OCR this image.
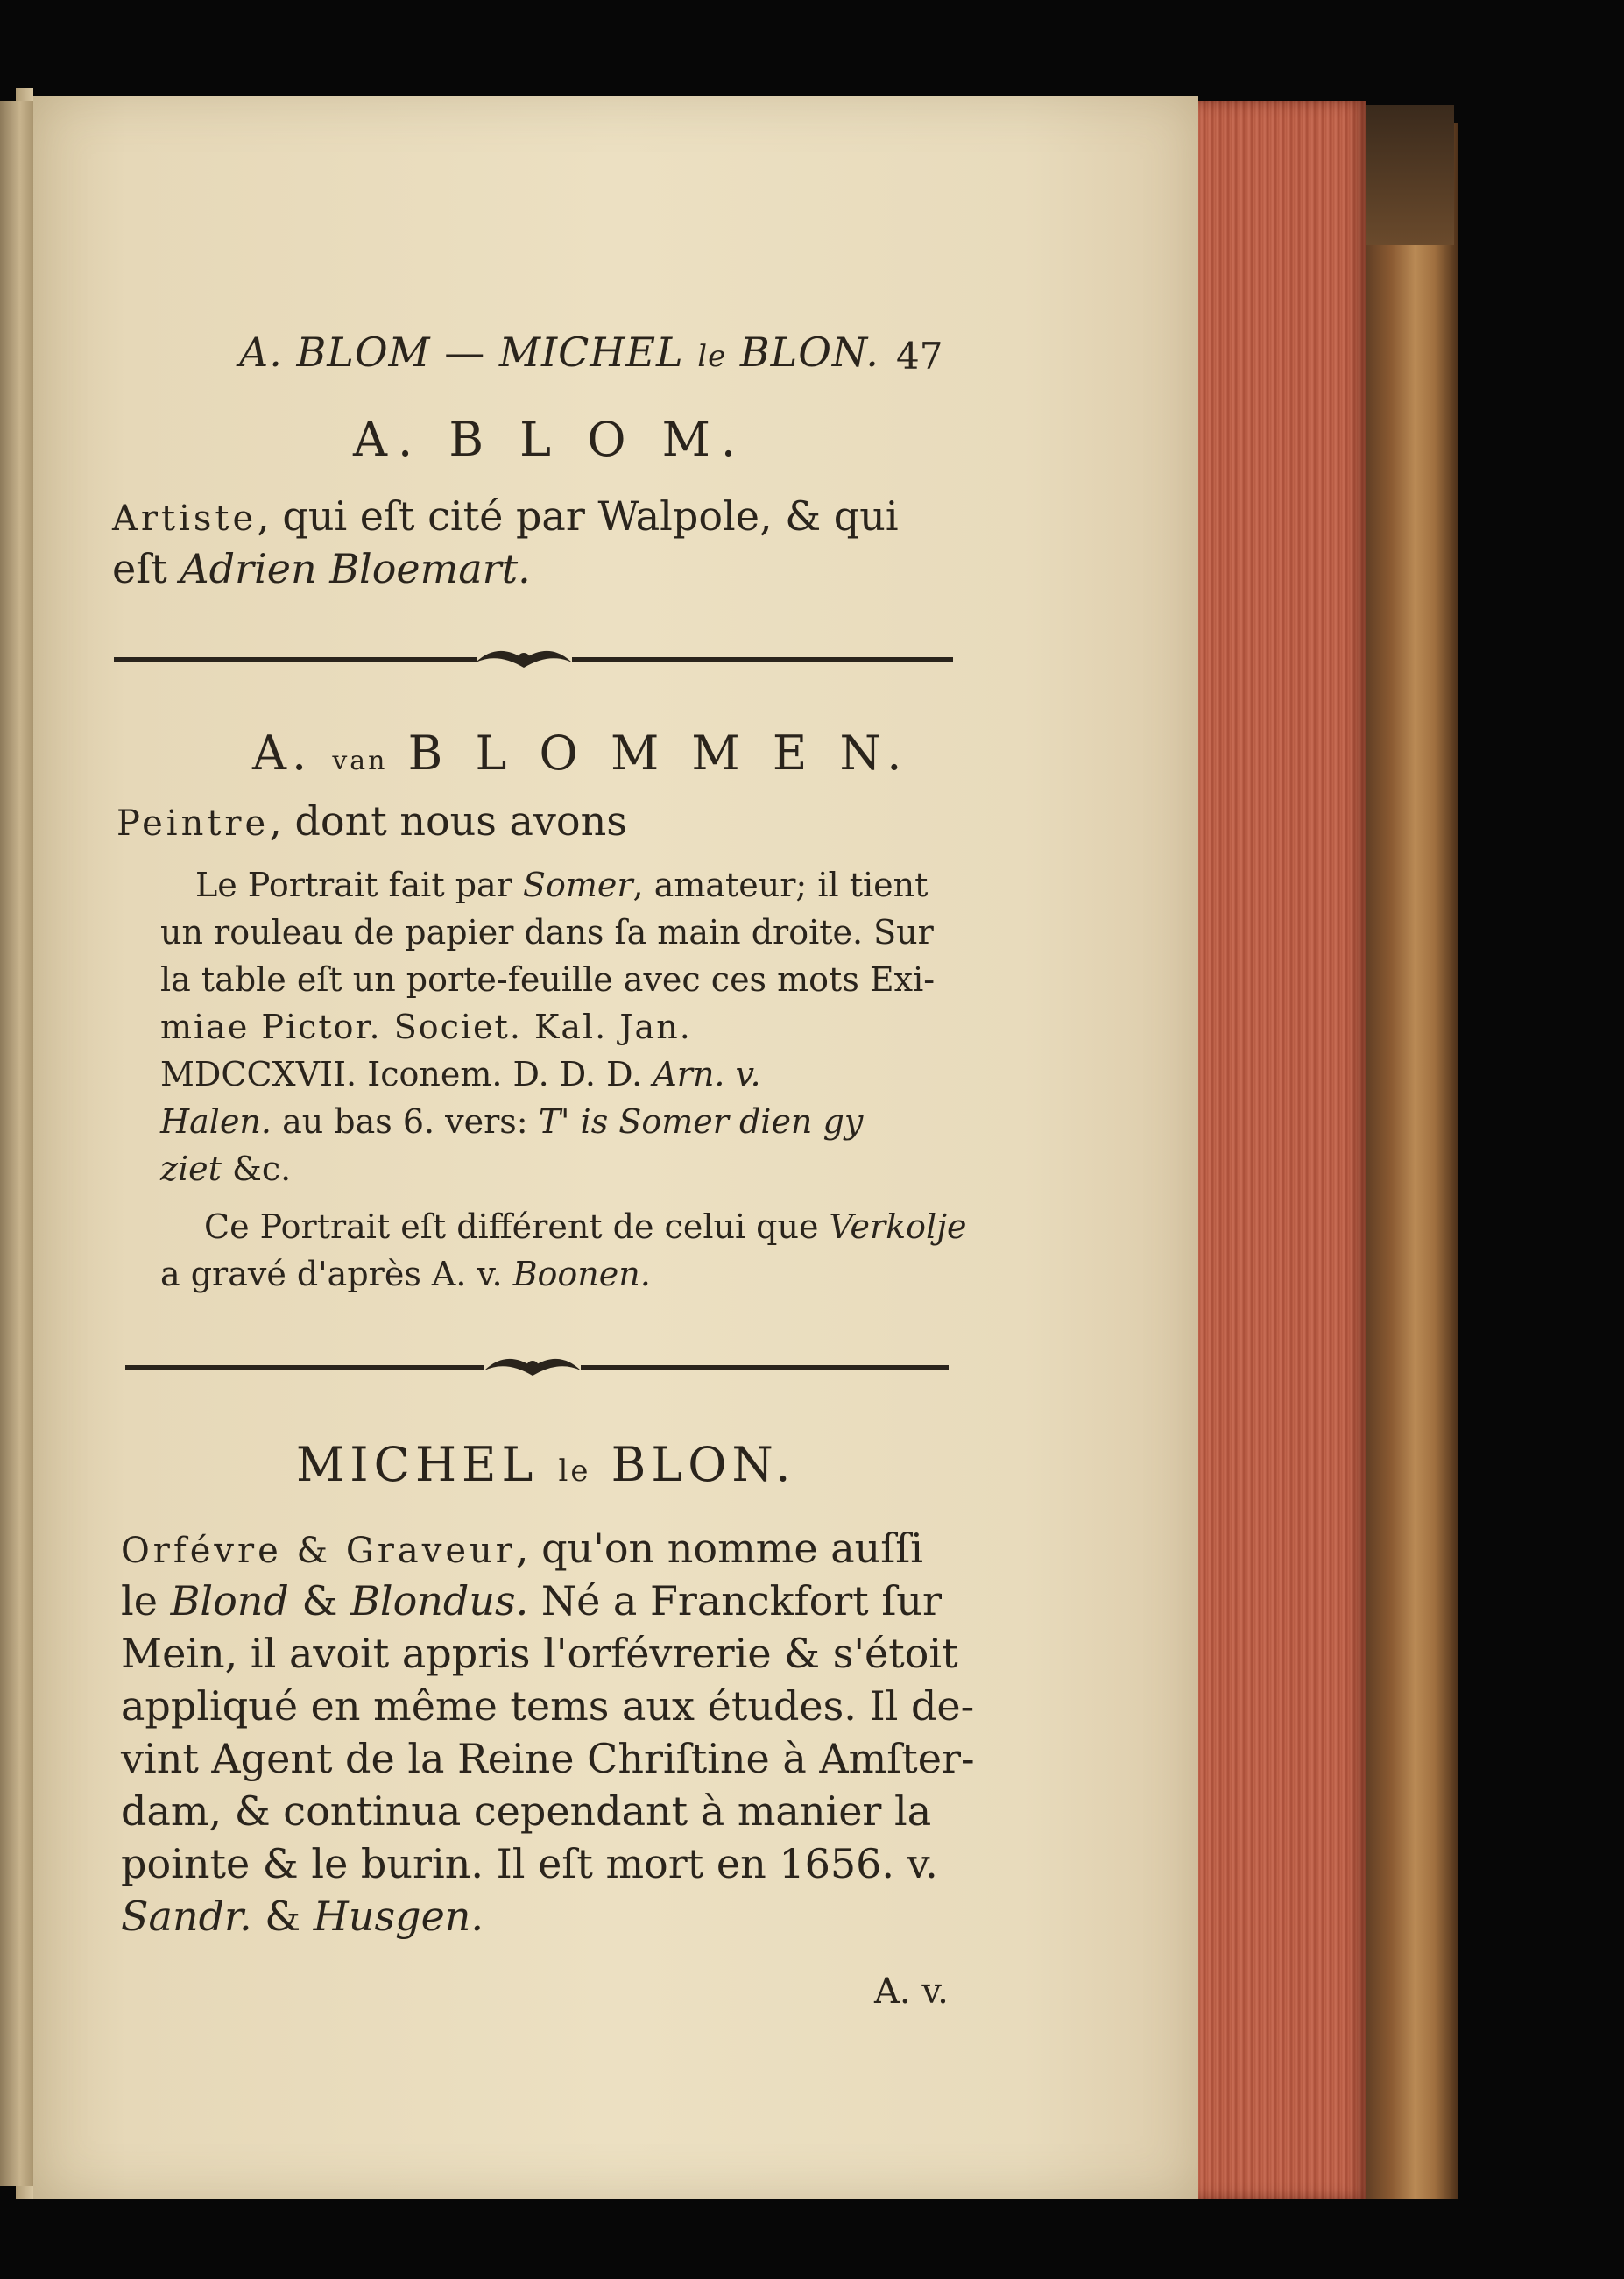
A. BLOM — MICHEL le BLON. 47
A. B L O M.
Artiste, qui eſt cité par Walpole, & qui
eſt Adrien Bloemart.
A. van B L O M M E N.
Peintre, dont nous avons
Le Portrait fait par Somer, amateur; il tient
un rouleau de papier dans ſa main droite. Sur
la table eſt un porte-feuille avec ces mots Exi-
miae Pictor. Societ. Kal. Jan.
MDCCXVII. Iconem. D. D. D. Arn. v.
Halen. au bas 6. vers: T' is Somer dien gy
ziet &c.
Ce Portrait eſt différent de celui que Verkolje
a gravé d'après A. v. Boonen.
MICHEL le BLON.
Orfévre & Graveur, qu'on nomme auſſi
le Blond & Blondus. Né a Franckfort ſur
Mein, il avoit appris l'orfévrerie & s'étoit
appliqué en même tems aux études. Il de-
vint Agent de la Reine Chriſtine à Amſter-
dam, & continua cependant à manier la
pointe & le burin. Il eſt mort en 1656. v.
Sandr. & Husgen.
A. v.
